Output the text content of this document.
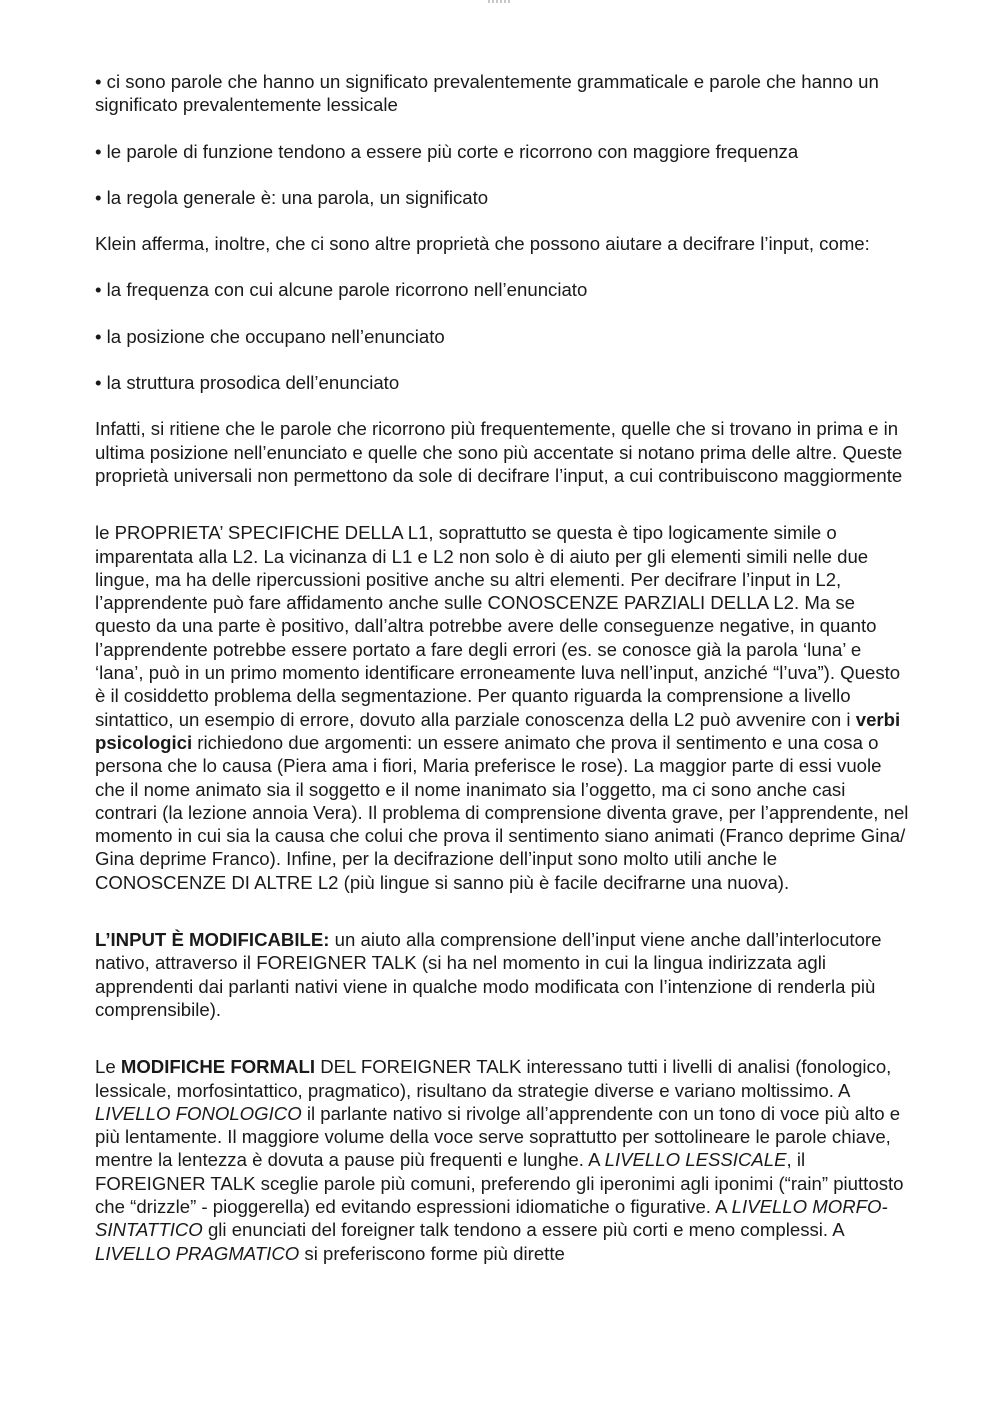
• ci sono parole che hanno un significato prevalentemente grammaticale e parole che hanno un significato prevalentemente lessicale

• le parole di funzione tendono a essere più corte e ricorrono con maggiore frequenza

• la regola generale è: una parola, un significato

Klein afferma, inoltre, che ci sono altre proprietà che possono aiutare a decifrare l’input, come:

• la frequenza con cui alcune parole ricorrono nell’enunciato

• la posizione che occupano nell’enunciato

• la struttura prosodica dell’enunciato

Infatti, si ritiene che le parole che ricorrono più frequentemente, quelle che si trovano in prima e in ultima posizione nell’enunciato e quelle che sono più accentate si notano prima delle altre. Queste proprietà universali non permettono da sole di decifrare l’input, a cui contribuiscono maggiormente

le PROPRIETA’ SPECIFICHE DELLA L1, soprattutto se questa è tipo logicamente simile o imparentata alla L2. La vicinanza di L1 e L2 non solo è di aiuto per gli elementi simili nelle due lingue, ma ha delle ripercussioni positive anche su altri elementi. Per decifrare l’input in L2, l’apprendente può fare affidamento anche sulle CONOSCENZE PARZIALI DELLA L2. Ma se questo da una parte è positivo, dall’altra potrebbe avere delle conseguenze negative, in quanto l’apprendente potrebbe essere portato a fare degli errori (es. se conosce già la parola ‘luna’ e ‘lana’, può in un primo momento identificare erroneamente luva nell’input, anziché “l’uva”). Questo è il cosiddetto problema della segmentazione. Per quanto riguarda la comprensione a livello sintattico, un esempio di errore, dovuto alla parziale conoscenza della L2 può avvenire con i verbi psicologici richiedono due argomenti: un essere animato che prova il sentimento e una cosa o persona che lo causa (Piera ama i fiori, Maria preferisce le rose). La maggior parte di essi vuole che il nome animato sia il soggetto e il nome inanimato sia l’oggetto, ma ci sono anche casi contrari (la lezione annoia Vera). Il problema di comprensione diventa grave, per l’apprendente, nel momento in cui sia la causa che colui che prova il sentimento siano animati (Franco deprime Gina/ Gina deprime Franco). Infine, per la decifrazione dell’input sono molto utili anche le CONOSCENZE DI ALTRE L2 (più lingue si sanno più è facile decifrarne una nuova).

L’INPUT È MODIFICABILE: un aiuto alla comprensione dell’input viene anche dall’interlocutore nativo, attraverso il FOREIGNER TALK (si ha nel momento in cui la lingua indirizzata agli apprendenti dai parlanti nativi viene in qualche modo modificata con l’intenzione di renderla più comprensibile).

Le MODIFICHE FORMALI DEL FOREIGNER TALK interessano tutti i livelli di analisi (fonologico, lessicale, morfosintattico, pragmatico), risultano da strategie diverse e variano moltissimo. A LIVELLO FONOLOGICO il parlante nativo si rivolge all’apprendente con un tono di voce più alto e più lentamente. Il maggiore volume della voce serve soprattutto per sottolineare le parole chiave, mentre la lentezza è dovuta a pause più frequenti e lunghe. A LIVELLO LESSICALE, il FOREIGNER TALK sceglie parole più comuni, preferendo gli iperonimi agli iponimi (“rain” piuttosto che “drizzle” - pioggerella) ed evitando espressioni idiomatiche o figurative. A LIVELLO MORFO-SINTATTICO gli enunciati del foreigner talk tendono a essere più corti e meno complessi. A LIVELLO PRAGMATICO si preferiscono forme più dirette
